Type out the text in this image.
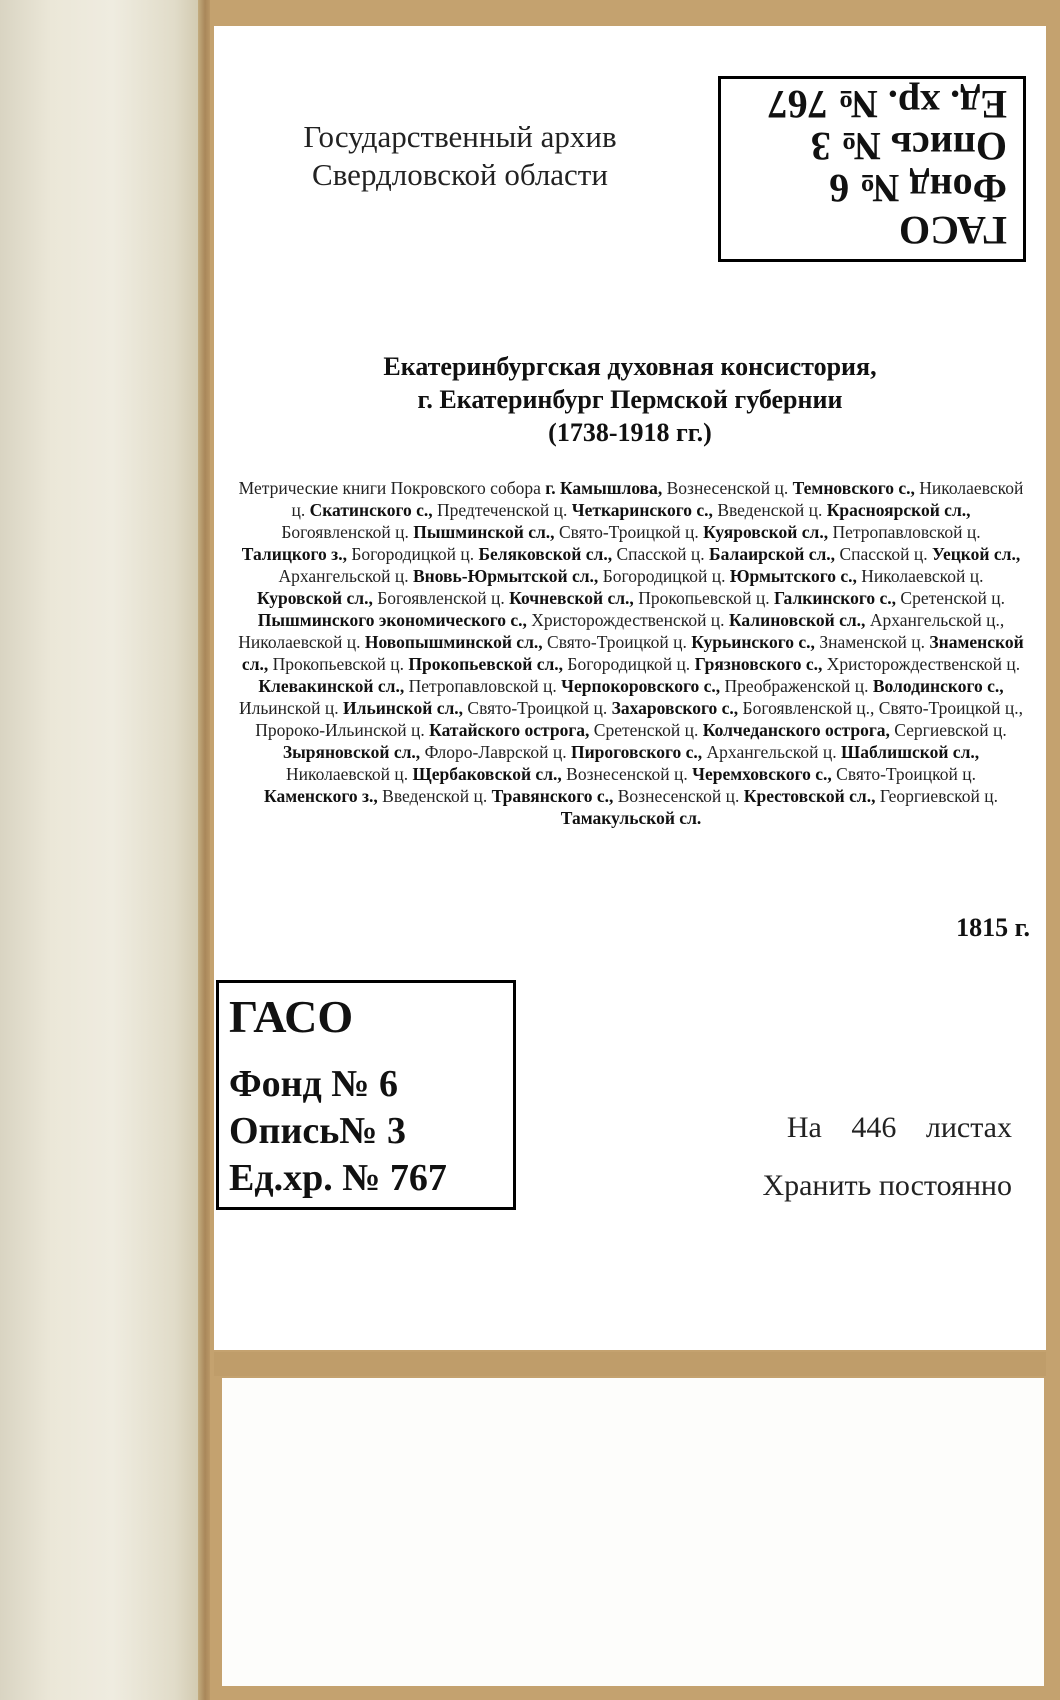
Государственный архив
Свердловской области
ГАСО
Фонд № 6
Опись № 3
Ед. хр. № 767
Екатеринбургская духовная консистория,
г. Екатеринбург Пермской губернии
(1738-1918 гг.)
Метрические книги Покровского собора г. Камышлова, Вознесенской ц. Темновского с., Николаевской ц. Скатинского с., Предтеченской ц. Четкаринского с., Введенской ц. Красноярской сл., Богоявленской ц. Пышминской сл., Свято-Троицкой ц. Куяровской сл., Петропавловской ц. Талицкого з., Богородицкой ц. Беляковской сл., Спасской ц. Балаирской сл., Спасской ц. Уецкой сл., Архангельской ц. Вновь-Юрмытской сл., Богородицкой ц. Юрмытского с., Николаевской ц. Куровской сл., Богоявленской ц. Кочневской сл., Прокопьевской ц. Галкинского с., Сретенской ц. Пышминского экономического с., Христорождественской ц. Калиновской сл., Архангельской ц., Николаевской ц. Новопышминской сл., Свято-Троицкой ц. Курьинского с., Знаменской ц. Знаменской сл., Прокопьевской ц. Прокопьевской сл., Богородицкой ц. Грязновского с., Христорождественской ц. Клевакинской сл., Петропавловской ц. Черпокоровского с., Преображенской ц. Володинского с., Ильинской ц. Ильинской сл., Свято-Троицкой ц. Захаровского с., Богоявленской ц., Свято-Троицкой ц., Пророко-Ильинской ц. Катайского острога, Сретенской ц. Колчеданского острога, Сергиевской ц. Зыряновской сл., Флоро-Лаврской ц. Пироговского с., Архангельской ц. Шаблишской сл., Николаевской ц. Щербаковской сл., Вознесенской ц. Черемховского с., Свято-Троицкой ц. Каменского з., Введенской ц. Травянского с., Вознесенской ц. Крестовской сл., Георгиевской ц. Тамакульской сл.
1815 г.
ГАСО
Фонд № 6
Опись№ 3
Ед.хр. № 767
На 446 листах
Хранить постоянно
